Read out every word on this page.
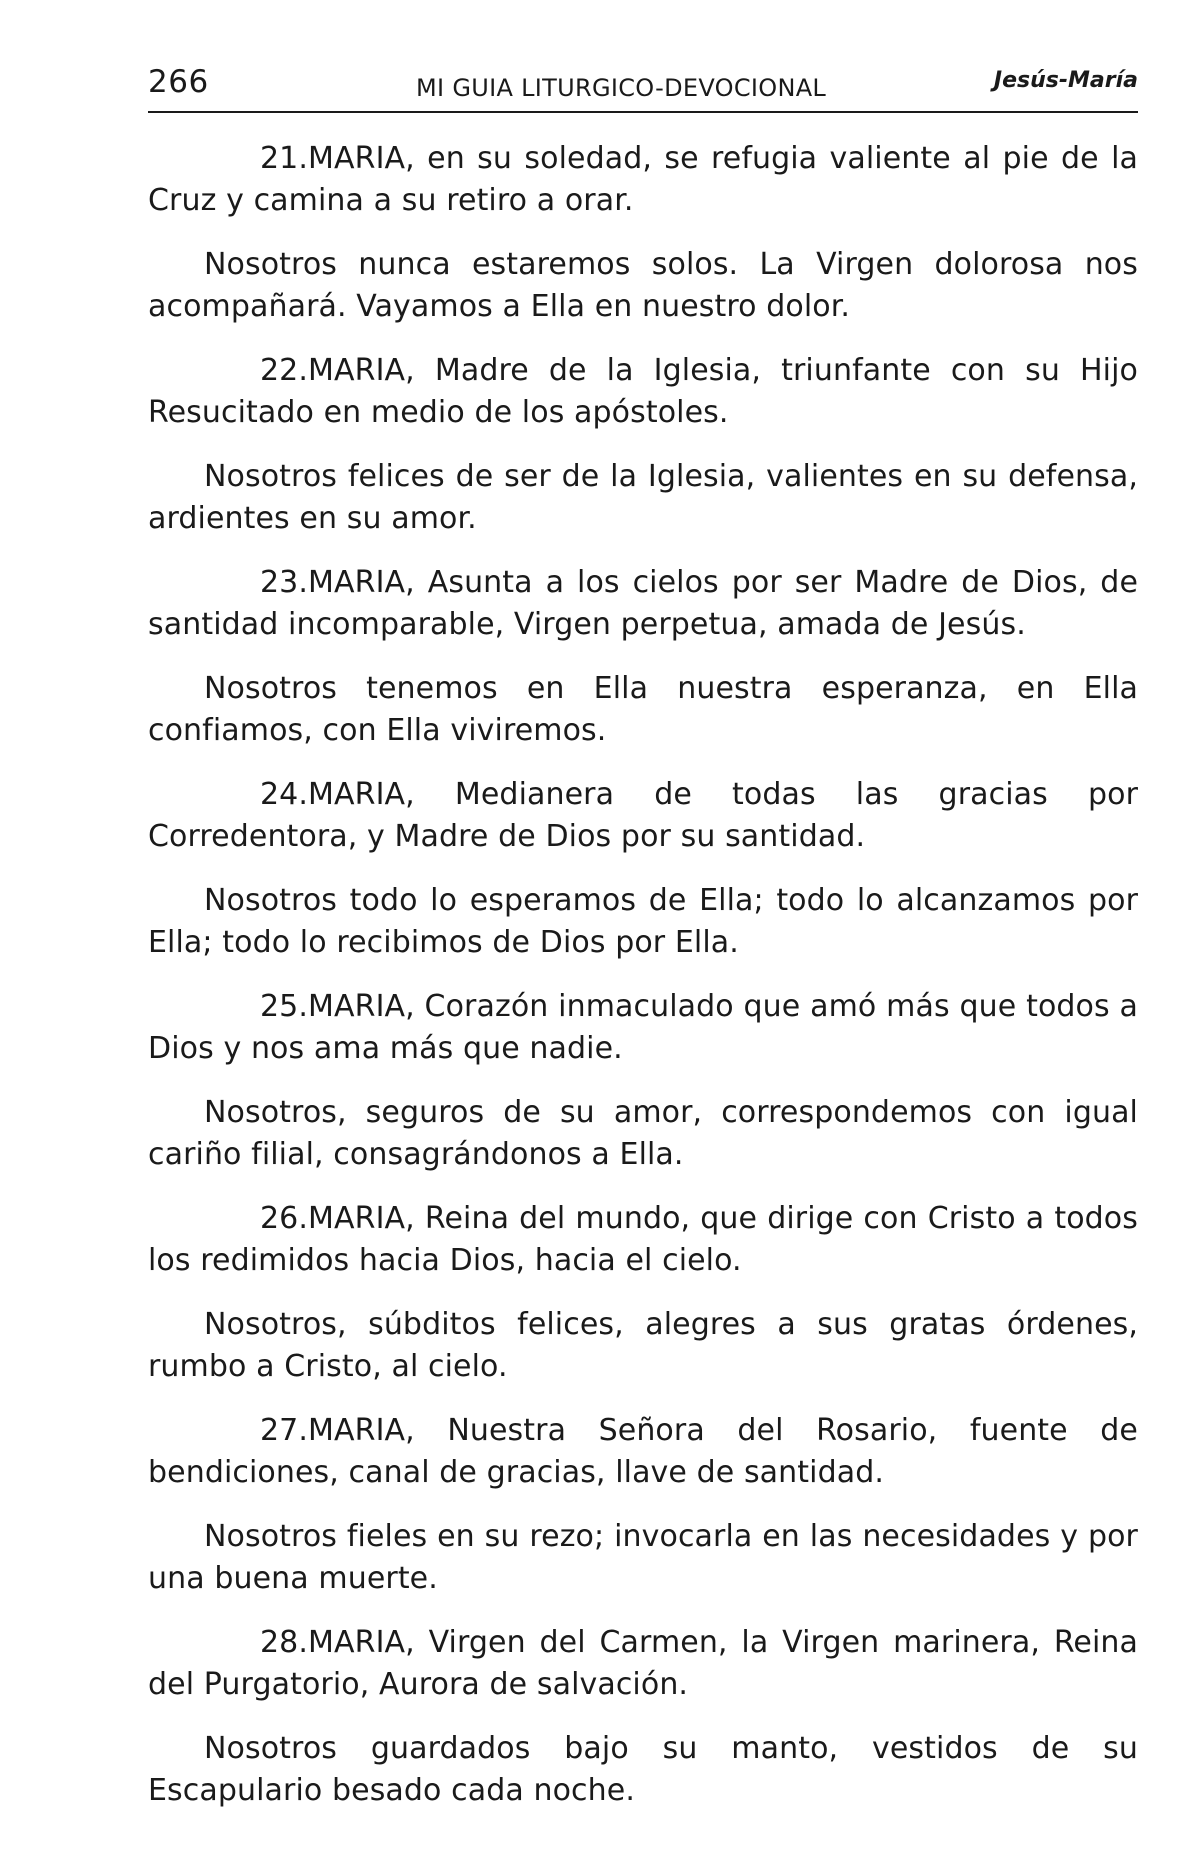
266	MI GUIA LITURGICO-DEVOCIONAL	Jesús-María

21.MARIA, en su soledad, se refugia valiente al pie de la Cruz y camina a su retiro a orar.

Nosotros nunca estaremos solos. La Virgen dolorosa nos acompañará. Vayamos a Ella en nuestro dolor.

22.MARIA, Madre de la Iglesia, triunfante con su Hijo Resucitado en medio de los apóstoles.

Nosotros felices de ser de la Iglesia, valientes en su defensa, ardientes en su amor.

23.MARIA, Asunta a los cielos por ser Madre de Dios, de santidad incomparable, Virgen perpetua, amada de Jesús.

Nosotros tenemos en Ella nuestra esperanza, en Ella confiamos, con Ella viviremos.

24.MARIA, Medianera de todas las gracias por Corredentora, y Madre de Dios por su santidad.

Nosotros todo lo esperamos de Ella; todo lo alcanzamos por Ella; todo lo recibimos de Dios por Ella.

25.MARIA, Corazón inmaculado que amó más que todos a Dios y nos ama más que nadie.

Nosotros, seguros de su amor, correspondemos con igual cariño filial, consagrándonos a Ella.

26.MARIA, Reina del mundo, que dirige con Cristo a todos los redimidos hacia Dios, hacia el cielo.

Nosotros, súbditos felices, alegres a sus gratas órdenes, rumbo a Cristo, al cielo.

27.MARIA, Nuestra Señora del Rosario, fuente de bendiciones, canal de gracias, llave de santidad.

Nosotros fieles en su rezo; invocarla en las necesidades y por una buena muerte.

28.MARIA, Virgen del Carmen, la Virgen marinera, Reina del Purgatorio, Aurora de salvación.

Nosotros guardados bajo su manto, vestidos de su Escapulario besado cada noche.
